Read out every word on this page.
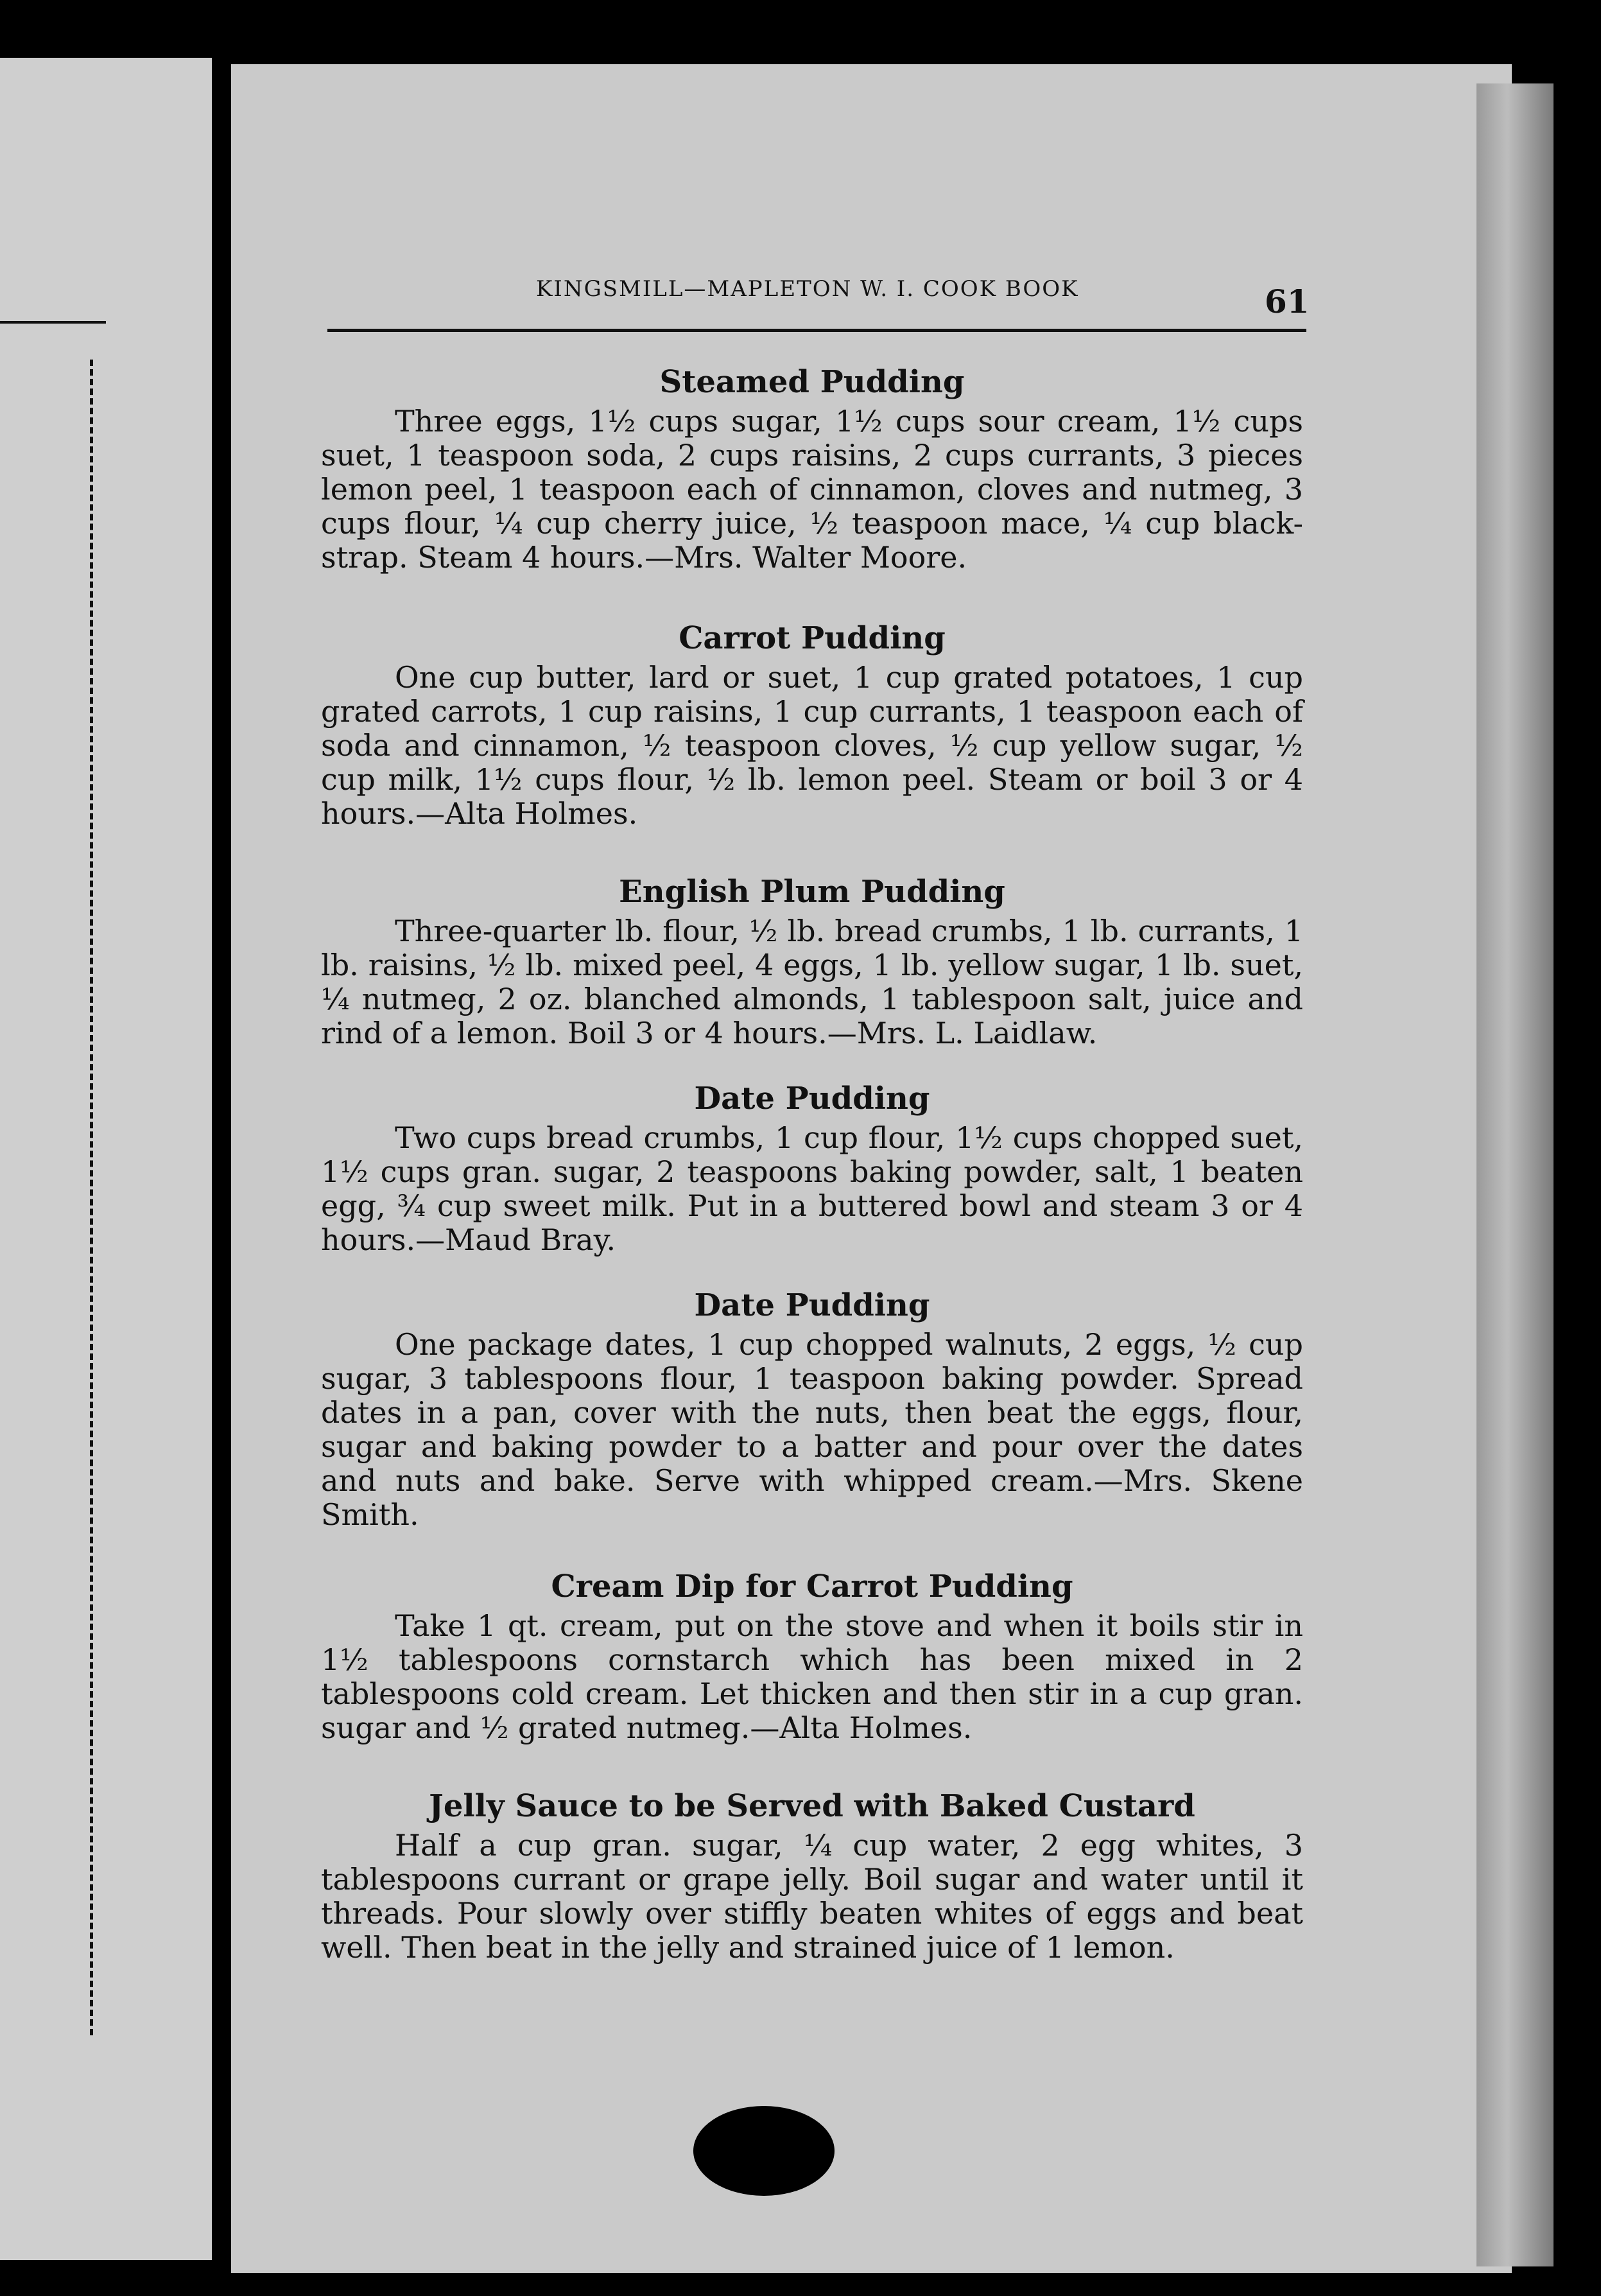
KINGSMILL—MAPLETON W. I. COOK BOOK	61
Steamed Pudding

Three eggs, 1½ cups sugar, 1½ cups sour cream, 1½ cups suet, 1 teaspoon soda, 2 cups raisins, 2 cups currants, 3 pieces lemon peel, 1 teaspoon each of cinnamon, cloves and nutmeg, 3 cups flour, ¼ cup cherry juice, ½ teaspoon mace, ¼ cup black-strap. Steam 4 hours.—Mrs. Walter Moore.

Carrot Pudding

One cup butter, lard or suet, 1 cup grated potatoes, 1 cup grated carrots, 1 cup raisins, 1 cup currants, 1 teaspoon each of soda and cinnamon, ½ teaspoon cloves, ½ cup yellow sugar, ½ cup milk, 1½ cups flour, ½ lb. lemon peel. Steam or boil 3 or 4 hours.—Alta Holmes.

English Plum Pudding

Three-quarter lb. flour, ½ lb. bread crumbs, 1 lb. currants, 1 lb. raisins, ½ lb. mixed peel, 4 eggs, 1 lb. yellow sugar, 1 lb. suet, ¼ nutmeg, 2 oz. blanched almonds, 1 tablespoon salt, juice and rind of a lemon. Boil 3 or 4 hours.—Mrs. L. Laidlaw.

Date Pudding

Two cups bread crumbs, 1 cup flour, 1½ cups chopped suet, 1½ cups gran. sugar, 2 teaspoons baking powder, salt, 1 beaten egg, ¾ cup sweet milk. Put in a buttered bowl and steam 3 or 4 hours.—Maud Bray.

Date Pudding

One package dates, 1 cup chopped walnuts, 2 eggs, ½ cup sugar, 3 tablespoons flour, 1 teaspoon baking powder. Spread dates in a pan, cover with the nuts, then beat the eggs, flour, sugar and baking powder to a batter and pour over the dates and nuts and bake. Serve with whipped cream.—Mrs. Skene Smith.

Cream Dip for Carrot Pudding

Take 1 qt. cream, put on the stove and when it boils stir in 1½ tablespoons cornstarch which has been mixed in 2 tablespoons cold cream. Let thicken and then stir in a cup gran. sugar and ½ grated nutmeg.—Alta Holmes.

Jelly Sauce to be Served with Baked Custard

Half a cup gran. sugar, ¼ cup water, 2 egg whites, 3 tablespoons currant or grape jelly. Boil sugar and water until it threads. Pour slowly over stiffly beaten whites of eggs and beat well. Then beat in the jelly and strained juice of 1 lemon.
